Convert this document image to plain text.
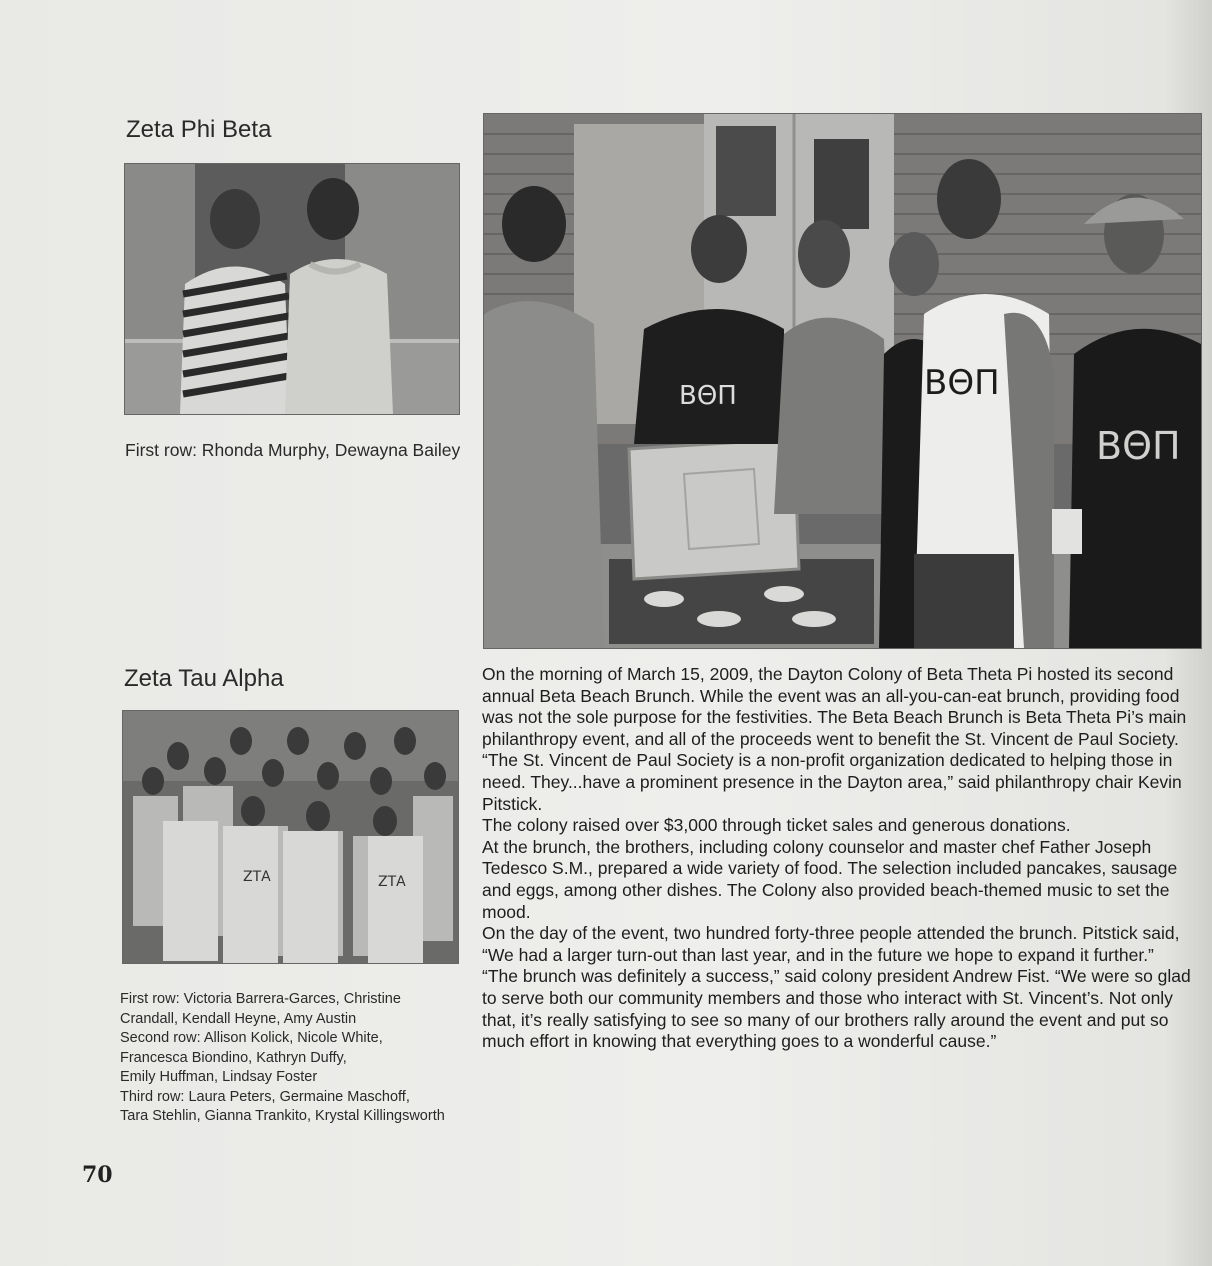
Zeta Phi Beta
First row: Rhonda Murphy, Dewayna Bailey
ΒΘΠ	ΒΘΠ
ΒΘΠ
Zeta Tau Alpha
ΖΤΑ	ΖΤΑ
First row: Victoria Barrera-Garces, Christine
Crandall, Kendall Heyne, Amy Austin
Second row: Allison Kolick, Nicole White,
Francesca Biondino, Kathryn Duffy,
Emily Huffman, Lindsay Foster
Third row: Laura Peters, Germaine Maschoff,
Tara Stehlin, Gianna Trankito, Krystal Killingsworth

On the morning of March 15, 2009, the Dayton Colony of Beta Theta Pi hosted its second annual Beta Beach Brunch. While the event was an all-you-can-eat brunch, providing food was not the sole purpose for the festivities. The Beta Beach Brunch is Beta Theta Pi’s main philanthropy event, and all of the proceeds went to benefit the St. Vincent de Paul Society. “The St. Vincent de Paul Society is a non-profit organization dedicated to helping those in need. They...have a prominent presence in the Dayton area,” said philanthropy chair Kevin Pitstick.

The colony raised over $3,000 through ticket sales and generous donations.

At the brunch, the brothers, including colony counselor and master chef Father Joseph Tedesco S.M., prepared a wide variety of food. The selection included pancakes, sausage and eggs, among other dishes. The Colony also provided beach-themed music to set the mood.

On the day of the event, two hundred forty-three people attended the brunch. Pitstick said, “We had a larger turn-out than last year, and in the future we hope to expand it further.”

“The brunch was definitely a success,” said colony president Andrew Fist. “We were so glad to serve both our community members and those who interact with St. Vincent’s. Not only that, it’s really satisfying to see so many of our brothers rally around the event and put so much effort in knowing that everything goes to a wonderful cause.”

70
